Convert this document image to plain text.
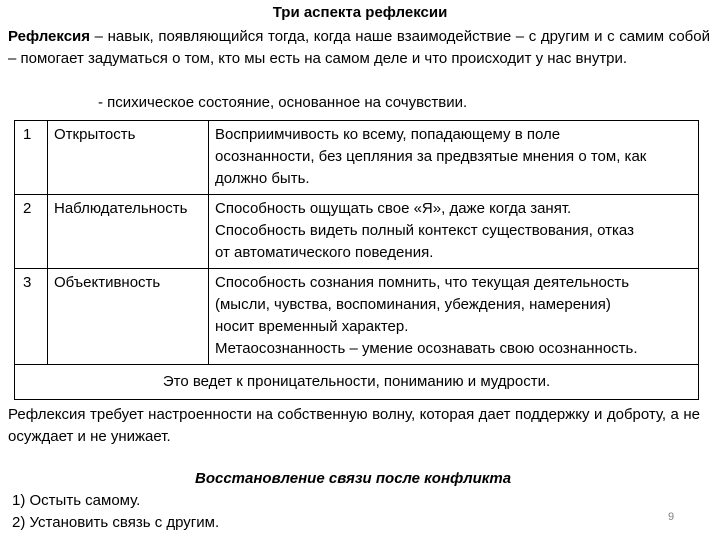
Три аспекта рефлексии
Рефлексия – навык, появляющийся тогда, когда наше взаимодействие – с другим и с самим собой – помогает задуматься о том, кто мы есть на самом деле и что происходит у нас внутри.
- психическое состояние, основанное на сочувствии.
1	Открытость	Восприимчивость ко всему, попадающему в поле
осознанности, без цепляния за предвзятые мнения о том, как
должно быть.

2	Наблюдательность	Способность ощущать свое «Я», даже когда занят.
Способность видеть полный контекст существования, отказ
от автоматического поведения.

3	Объективность	Способность сознания помнить, что текущая деятельность
(мысли, чувства, воспоминания, убеждения, намерения)
носит временный характер.
Метаосознанность – умение осознавать свою осознанность.

Это ведет к проницательности, пониманию и мудрости.		
Рефлексия требует настроенности на собственную волну, которая дает поддержку и доброту, а не осуждает и не унижает.
Восстановление связи после конфликта
1) Остыть самому.
2) Установить связь с другим.	9
